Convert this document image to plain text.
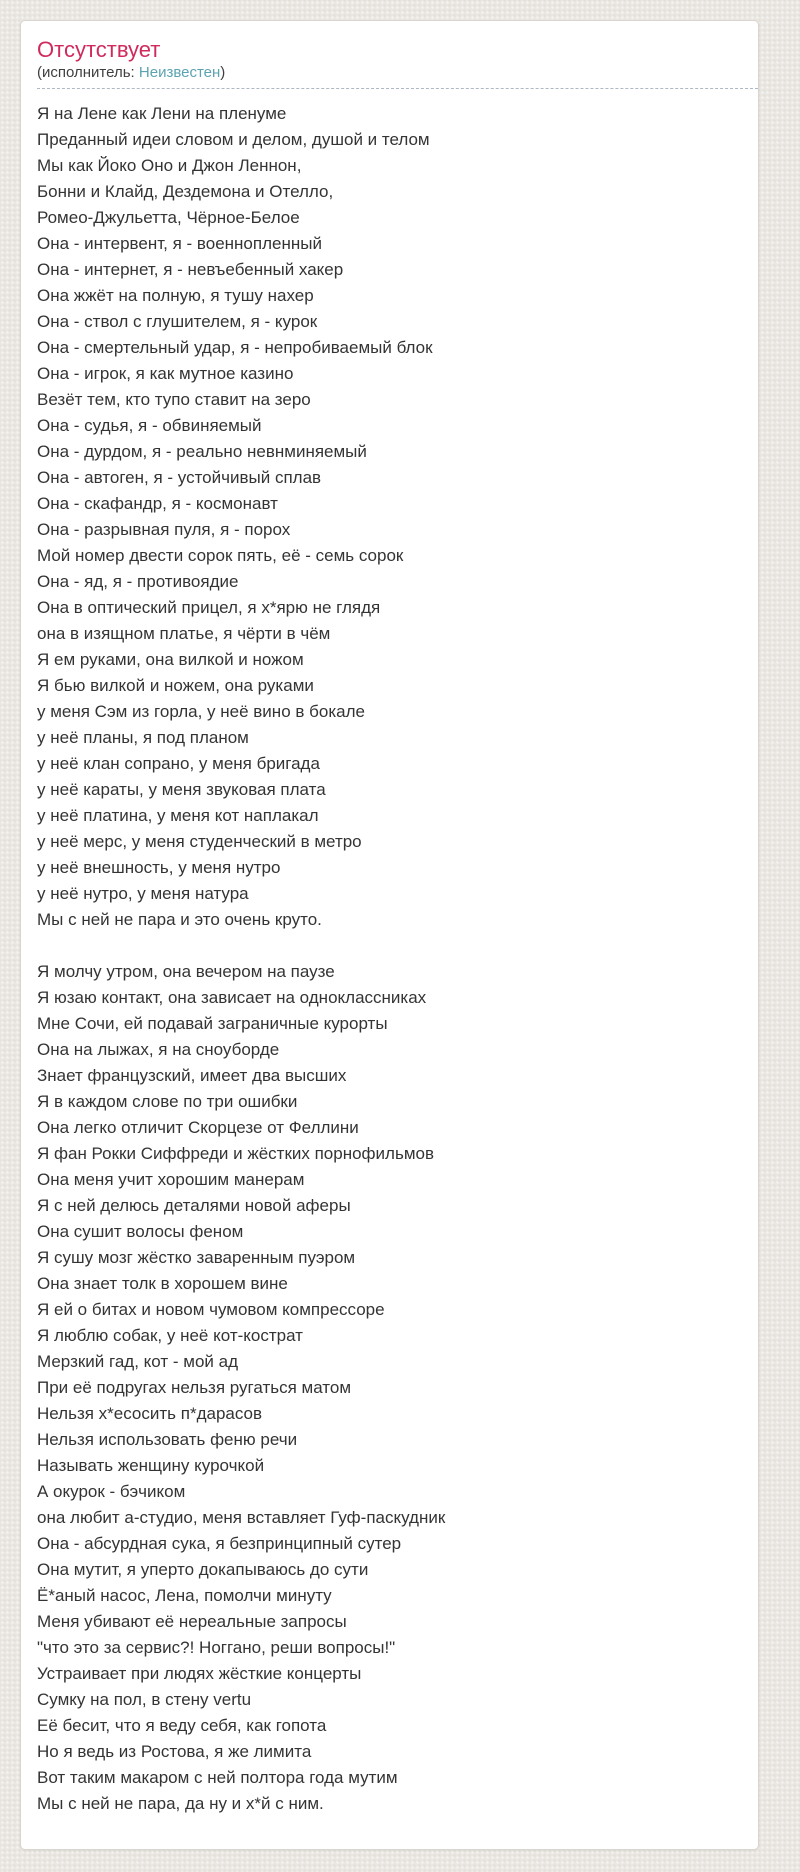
Отсутствует
(исполнитель: Неизвестен)
Я на Лене как Лени на пленуме
Преданный идеи словом и делом, душой и телом
Мы как Йоко Оно и Джон Леннон,
Бонни и Клайд, Дездемона и Отелло,
Ромео-Джульетта, Чёрное-Белое
Она - интервент, я - военнопленный
Она - интернет, я - невъебенный хакер
Она жжёт на полную, я тушу нахер
Она - ствол с глушителем, я - курок
Она - смертельный удар, я - непробиваемый блок
Она - игрок, я как мутное казино
Везёт тем, кто тупо ставит на зеро
Она - судья, я - обвиняемый
Она - дурдом, я - реально невнминяемый
Она - автоген, я - устойчивый сплав
Она - скафандр, я - космонавт
Она - разрывная пуля, я - порох
Мой номер двести сорок пять, её - семь сорок
Она - яд, я - противоядие
Она в оптический прицел, я х*ярю не глядя
она в изящном платье, я чёрти в чём
Я ем руками, она вилкой и ножом
Я бью вилкой и ножем, она руками
у меня Сэм из горла, у неё вино в бокале
у неё планы, я под планом
у неё клан сопрано, у меня бригада
у неё караты, у меня звуковая плата
у неё платина, у меня кот наплакал
у неё мерс, у меня студенческий в метро
у неё внешность, у меня нутро
у неё нутро, у меня натура
Мы с ней не пара и это очень круто.
Я молчу утром, она вечером на паузе
Я юзаю контакт, она зависает на одноклассниках
Мне Сочи, ей подавай заграничные курорты
Она на лыжах, я на сноуборде
Знает французский, имеет два высших
Я в каждом слове по три ошибки
Она легко отличит Скорцезе от Феллини
Я фан Рокки Сиффреди и жёстких порнофильмов
Она меня учит хорошим манерам
Я с ней делюсь деталями новой аферы
Она сушит волосы феном
Я сушу мозг жёстко заваренным пуэром
Она знает толк в хорошем вине
Я ей о битах и новом чумовом компрессоре
Я люблю собак, у неё кот-кострат
Мерзкий гад, кот - мой ад
При её подругах нельзя ругаться матом
Нельзя х*есосить п*дарасов
Нельзя использовать феню речи
Называть женщину курочкой
А окурок - бэчиком
она любит а-студио, меня вставляет Гуф-паскудник
Она - абсурдная сука, я безпринципный сутер
Она мутит, я уперто докапываюсь до сути
Ё*аный насос, Лена, помолчи минуту
Меня убивают её нереальные запросы
"что это за сервис?! Ноггано, реши вопросы!"
Устраивает при людях жёсткие концерты
Сумку на пол, в стену vertu
Её бесит, что я веду себя, как гопота
Но я ведь из Ростова, я же лимита
Вот таким макаром с ней полтора года мутим
Мы с ней не пара, да ну и х*й с ним.
